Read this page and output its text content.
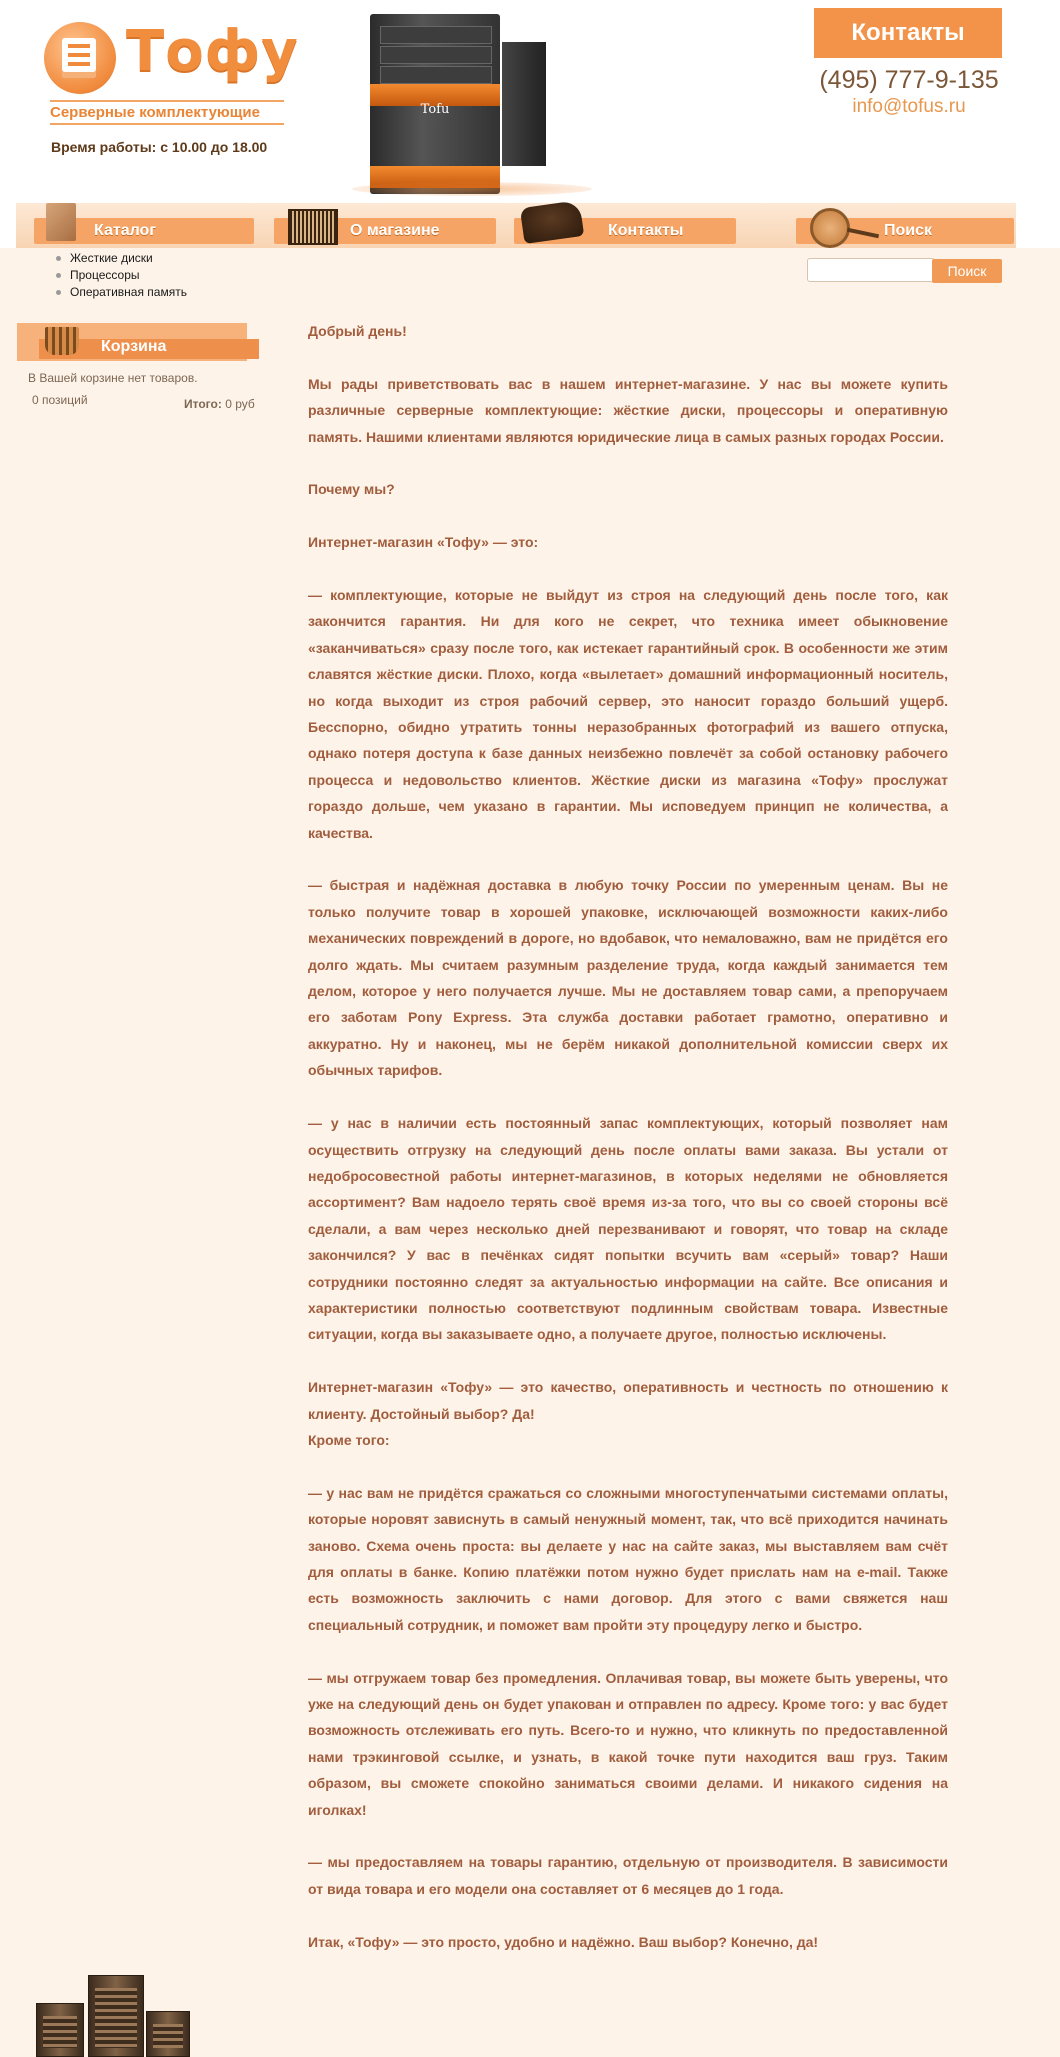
Тофу
Серверные комплектующие
Время работы: с 10.00 до 18.00
Tofu
Контакты
(495) 777-9-135
info@tofus.ru
Каталог	О магазине	Контакты	Поиск
Жесткие диски
Процессоры
Оперативная память
Поиск
Корзина
В Вашей корзине нет товаров.
0 позиций	Итого: 0 руб

Добрый день!

Мы рады приветствовать вас в нашем интернет-магазине. У нас вы можете купить различные серверные комплектующие: жёсткие диски, процессоры и оперативную память. Нашими клиентами являются юридические лица в самых разных городах России.

Почему мы?

Интернет-магазин «Тофу» — это:

— комплектующие, которые не выйдут из строя на следующий день после того, как закончится гарантия. Ни для кого не секрет, что техника имеет обыкновение «заканчиваться» сразу после того, как истекает гарантийный срок. В особенности же этим славятся жёсткие диски. Плохо, когда «вылетает» домашний информационный носитель, но когда выходит из строя рабочий сервер, это наносит гораздо больший ущерб. Бесспорно, обидно утратить тонны неразобранных фотографий из вашего отпуска, однако потеря доступа к базе данных неизбежно повлечёт за собой остановку рабочего процесса и недовольство клиентов. Жёсткие диски из магазина «Тофу» прослужат гораздо дольше, чем указано в гарантии. Мы исповедуем принцип не количества, а качества.

— быстрая и надёжная доставка в любую точку России по умеренным ценам. Вы не только получите товар в хорошей упаковке, исключающей возможности каких-либо механических повреждений в дороге, но вдобавок, что немаловажно, вам не придётся его долго ждать. Мы считаем разумным разделение труда, когда каждый занимается тем делом, которое у него получается лучше. Мы не доставляем товар сами, а препоручаем его заботам Pony Express. Эта служба доставки работает грамотно, оперативно и аккуратно. Ну и наконец, мы не берём никакой дополнительной комиссии сверх их обычных тарифов.

— у нас в наличии есть постоянный запас комплектующих, который позволяет нам осуществить отгрузку на следующий день после оплаты вами заказа. Вы устали от недобросовестной работы интернет-магазинов, в которых неделями не обновляется ассортимент? Вам надоело терять своё время из-за того, что вы со своей стороны всё сделали, а вам через несколько дней перезванивают и говорят, что товар на складе закончился? У вас в печёнках сидят попытки всучить вам «серый» товар? Наши сотрудники постоянно следят за актуальностью информации на сайте. Все описания и характеристики полностью соответствуют подлинным свойствам товара. Известные ситуации, когда вы заказываете одно, а получаете другое, полностью исключены.

Интернет-магазин «Тофу» — это качество, оперативность и честность по отношению к клиенту. Достойный выбор? Да!
Кроме того:

— у нас вам не придётся сражаться со сложными многоступенчатыми системами оплаты, которые норовят зависнуть в самый ненужный момент, так, что всё приходится начинать заново. Схема очень проста: вы делаете у нас на сайте заказ, мы выставляем вам счёт для оплаты в банке. Копию платёжки потом нужно будет прислать нам на e-mail. Также есть возможность заключить с нами договор. Для этого с вами свяжется наш специальный сотрудник, и поможет вам пройти эту процедуру легко и быстро.

— мы отгружаем товар без промедления. Оплачивая товар, вы можете быть уверены, что уже на следующий день он будет упакован и отправлен по адресу. Кроме того: у вас будет возможность отслеживать его путь. Всего-то и нужно, что кликнуть по предоставленной нами трэкинговой ссылке, и узнать, в какой точке пути находится ваш груз. Таким образом, вы сможете спокойно заниматься своими делами. И никакого сидения на иголках!

— мы предоставляем на товары гарантию, отдельную от производителя. В зависимости от вида товара и его модели она составляет от 6 месяцев до 1 года.

Итак, «Тофу» — это просто, удобно и надёжно. Ваш выбор? Конечно, да!
